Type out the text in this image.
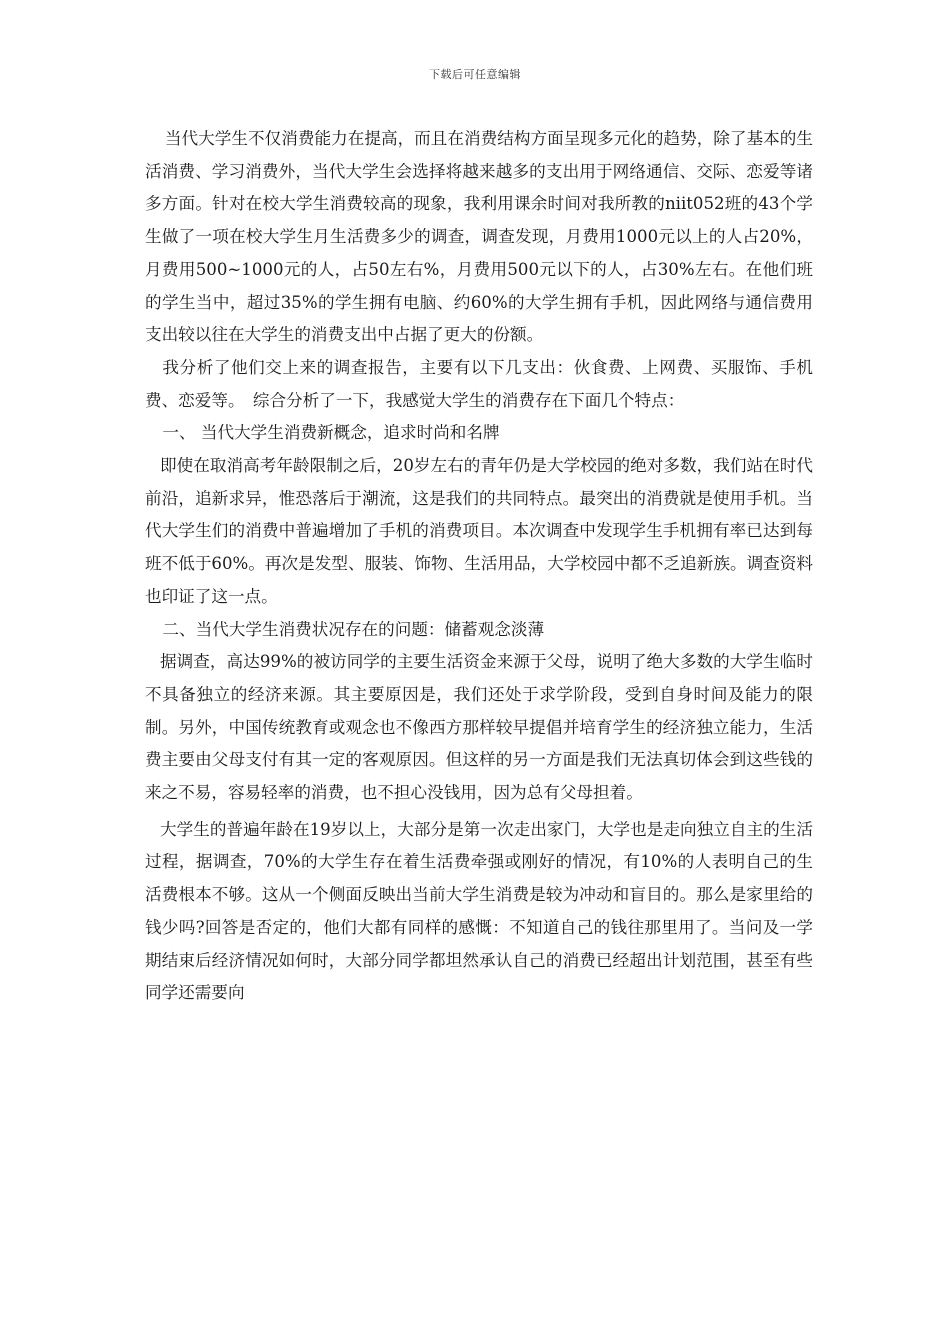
下载后可任意编辑

当代大学生不仅消费能力在提高，而且在消费结构方面呈现多元化的趋势，除了基本的生活消费、学习消费外，当代大学生会选择将越来越多的支出用于网络通信、交际、恋爱等诸多方面。针对在校大学生消费较高的现象，我利用课余时间对我所教的niit052班的43个学生做了一项在校大学生月生活费多少的调查，调查发现，月费用1000元以上的人占20%，月费用500~1000元的人，占50左右%，月费用500元以下的人，占30%左右。在他们班的学生当中，超过35%的学生拥有电脑、约60%的大学生拥有手机，因此网络与通信费用支出较以往在大学生的消费支出中占据了更大的份额。

我分析了他们交上来的调查报告，主要有以下几支出：伙食费、上网费、买服饰、手机费、恋爱等。　综合分析了一下，我感觉大学生的消费存在下面几个特点：

一、 当代大学生消费新概念，追求时尚和名牌

即使在取消高考年龄限制之后，20岁左右的青年仍是大学校园的绝对多数，我们站在时代前沿，追新求异，惟恐落后于潮流，这是我们的共同特点。最突出的消费就是使用手机。当代大学生们的消费中普遍增加了手机的消费项目。本次调查中发现学生手机拥有率已达到每班不低于60%。再次是发型、服装、饰物、生活用品，大学校园中都不乏追新族。调查资料也印证了这一点。

二、当代大学生消费状况存在的问题：储蓄观念淡薄

据调查，高达99%的被访同学的主要生活资金来源于父母，说明了绝大多数的大学生临时不具备独立的经济来源。其主要原因是，我们还处于求学阶段，受到自身时间及能力的限制。另外，中国传统教育或观念也不像西方那样较早提倡并培育学生的经济独立能力，生活费主要由父母支付有其一定的客观原因。但这样的另一方面是我们无法真切体会到这些钱的来之不易，容易轻率的消费，也不担心没钱用，因为总有父母担着。

大学生的普遍年龄在19岁以上，大部分是第一次走出家门，大学也是走向独立自主的生活过程，据调查，70%的大学生存在着生活费牵强或刚好的情况，有10%的人表明自己的生活费根本不够。这从一个侧面反映出当前大学生消费是较为冲动和盲目的。那么是家里给的钱少吗?回答是否定的，他们大都有同样的感慨：不知道自己的钱往那里用了。当问及一学期结束后经济情况如何时，大部分同学都坦然承认自己的消费已经超出计划范围，甚至有些同学还需要向
